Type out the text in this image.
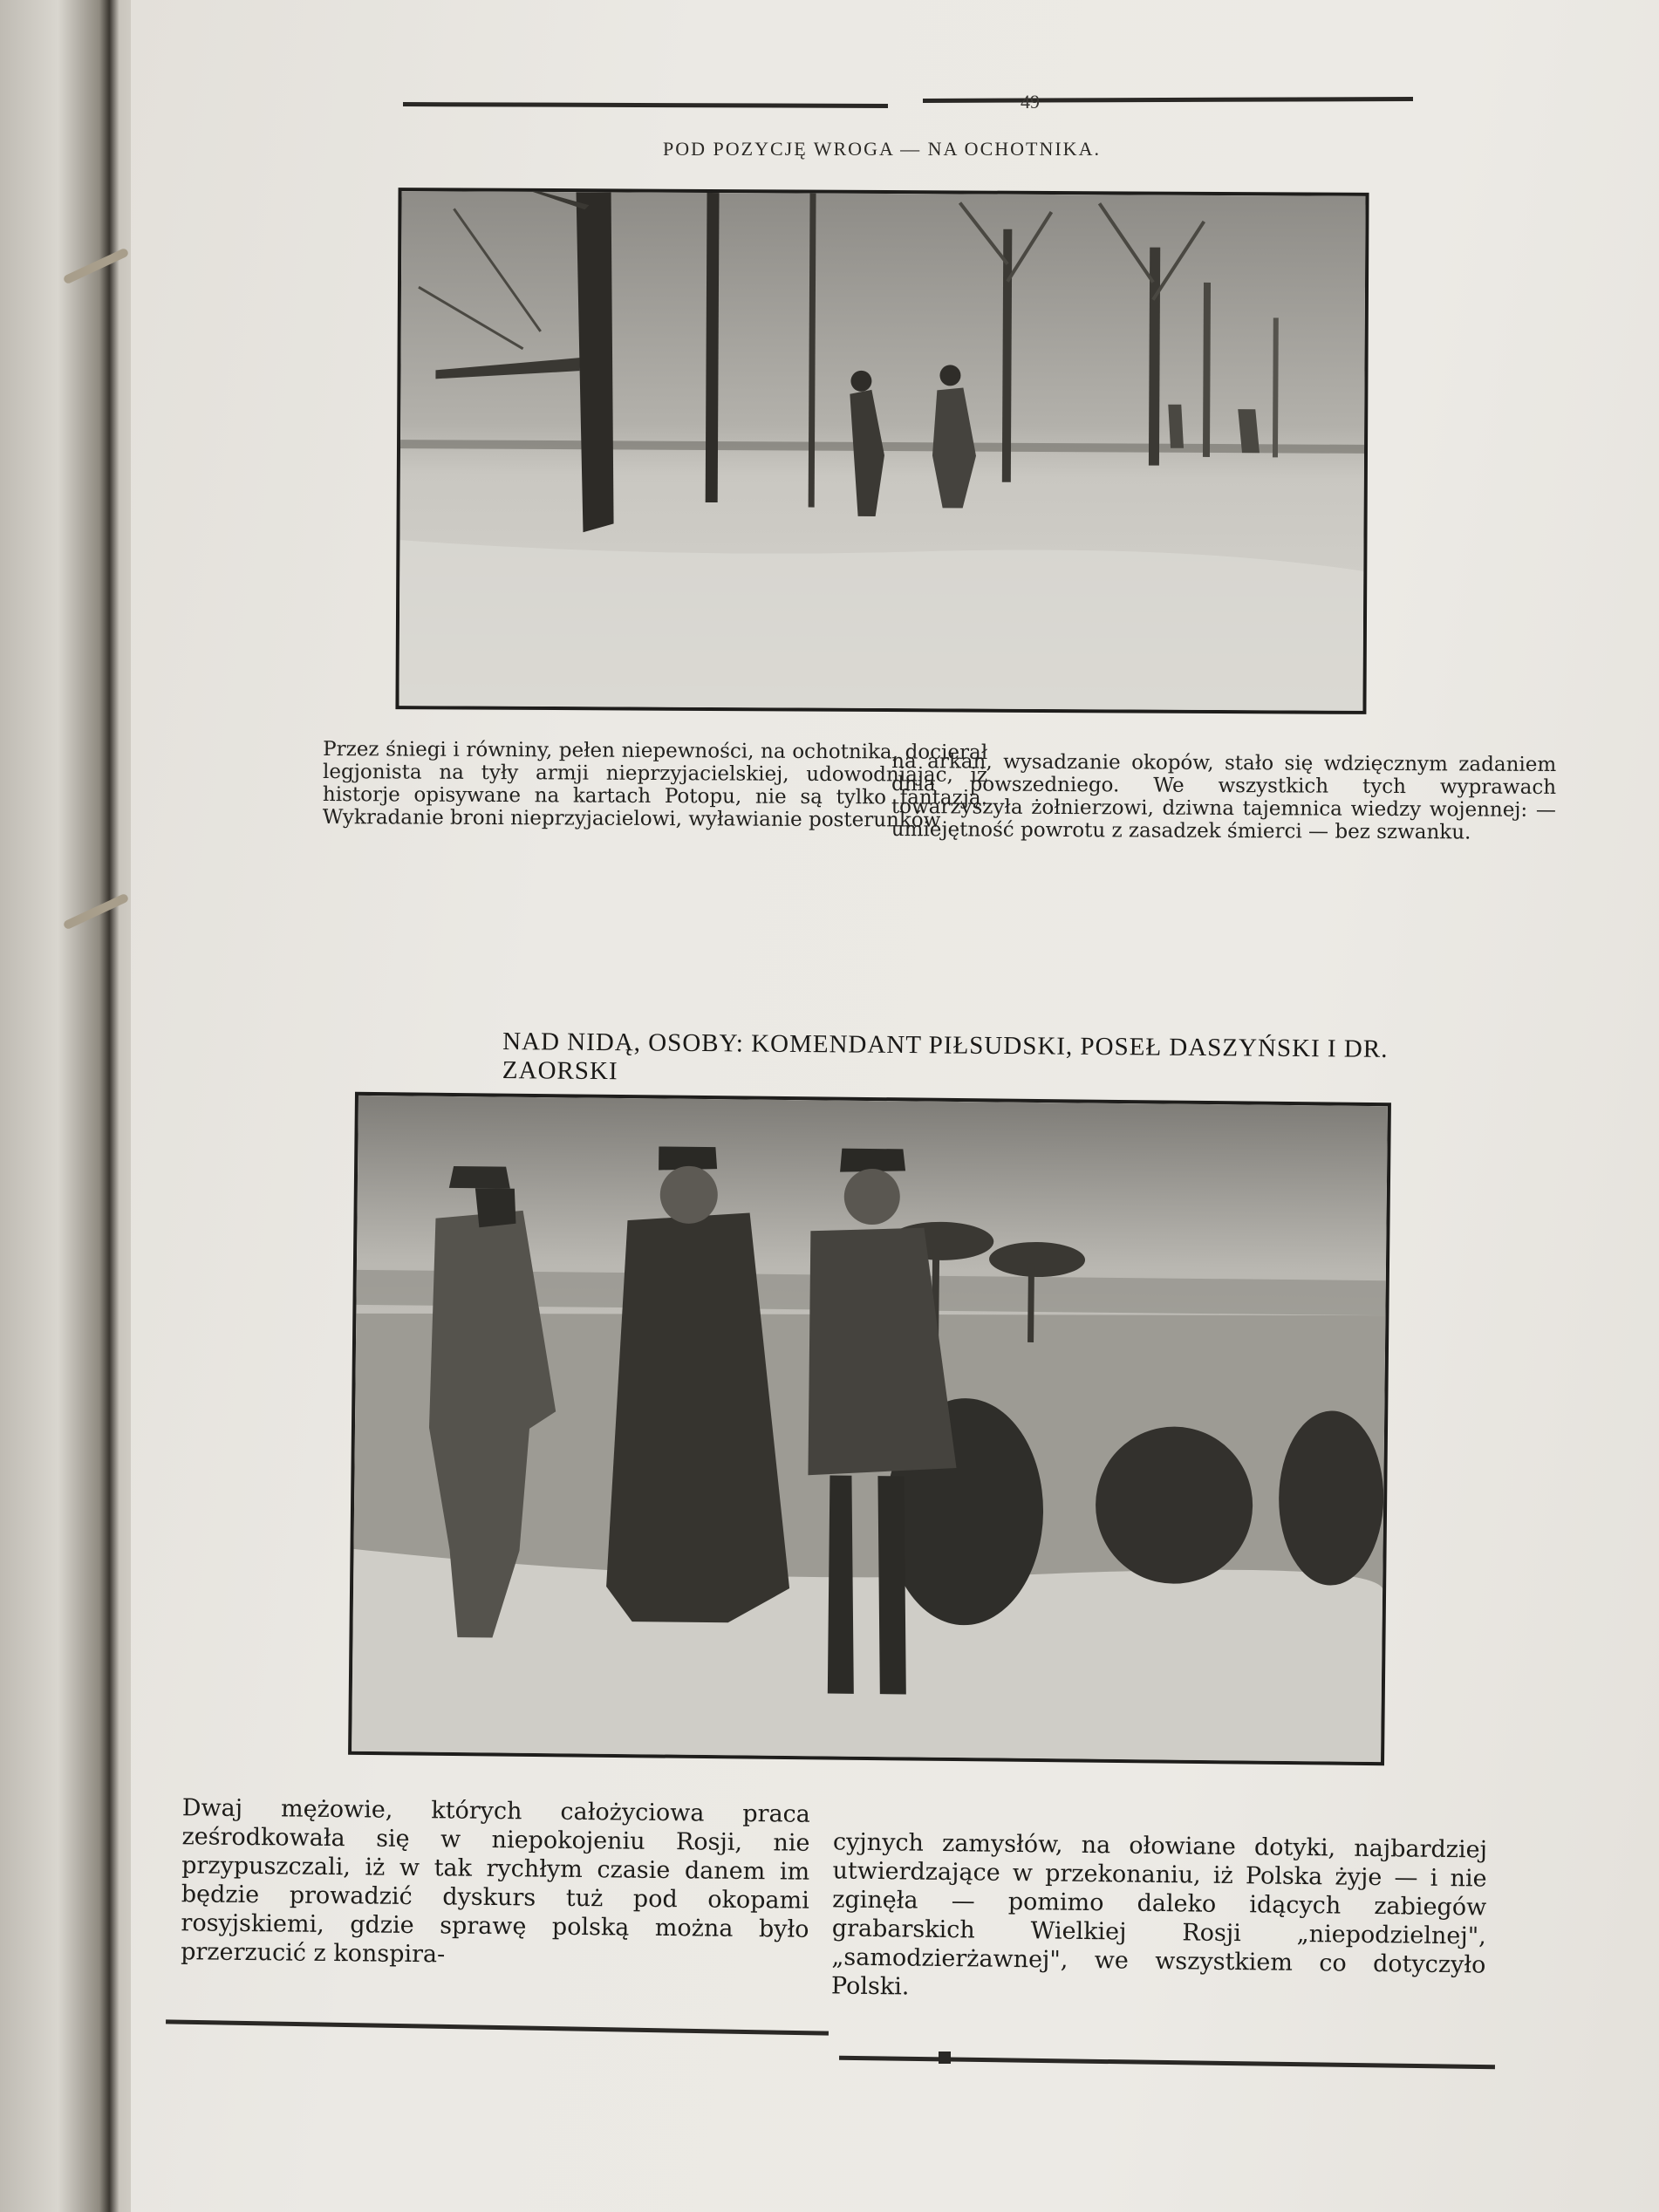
49
POD POZYCJĘ WROGA — NA OCHOTNIKA.
Przez śniegi i równiny, pełen niepewności, na ochotnika, docierał legjonista na tyły armji nieprzyjacielskiej, udowodniając, iż historje opisywane na kartach Potopu, nie są tylko fantazją. Wykradanie broni nieprzyjacielowi, wyławianie posterunków
na arkan, wysadzanie okopów, stało się wdzięcznym zadaniem dnia powszedniego. We wszystkich tych wyprawach towarzyszyła żołnierzowi, dziwna tajemnica wiedzy wojennej: — umiejętność powrotu z zasadzek śmierci — bez szwanku.
NAD NIDĄ, OSOBY: KOMENDANT PIŁSUDSKI, POSEŁ DASZYŃSKI I DR. ZAORSKI
Dwaj mężowie, których całożyciowa praca ześrodkowała się w niepokojeniu Rosji, nie przypuszczali, iż w tak rychłym czasie danem im będzie prowadzić dyskurs tuż pod okopami rosyjskiemi, gdzie sprawę polską można było przerzucić z konspira-
cyjnych zamysłów, na ołowiane dotyki, najbardziej utwierdzające w przekonaniu, iż Polska żyje — i nie zginęła — pomimo daleko idących zabiegów grabarskich Wielkiej Rosji „niepodzielnej", „samodzierżawnej", we wszystkiem co dotyczyło Polski.
